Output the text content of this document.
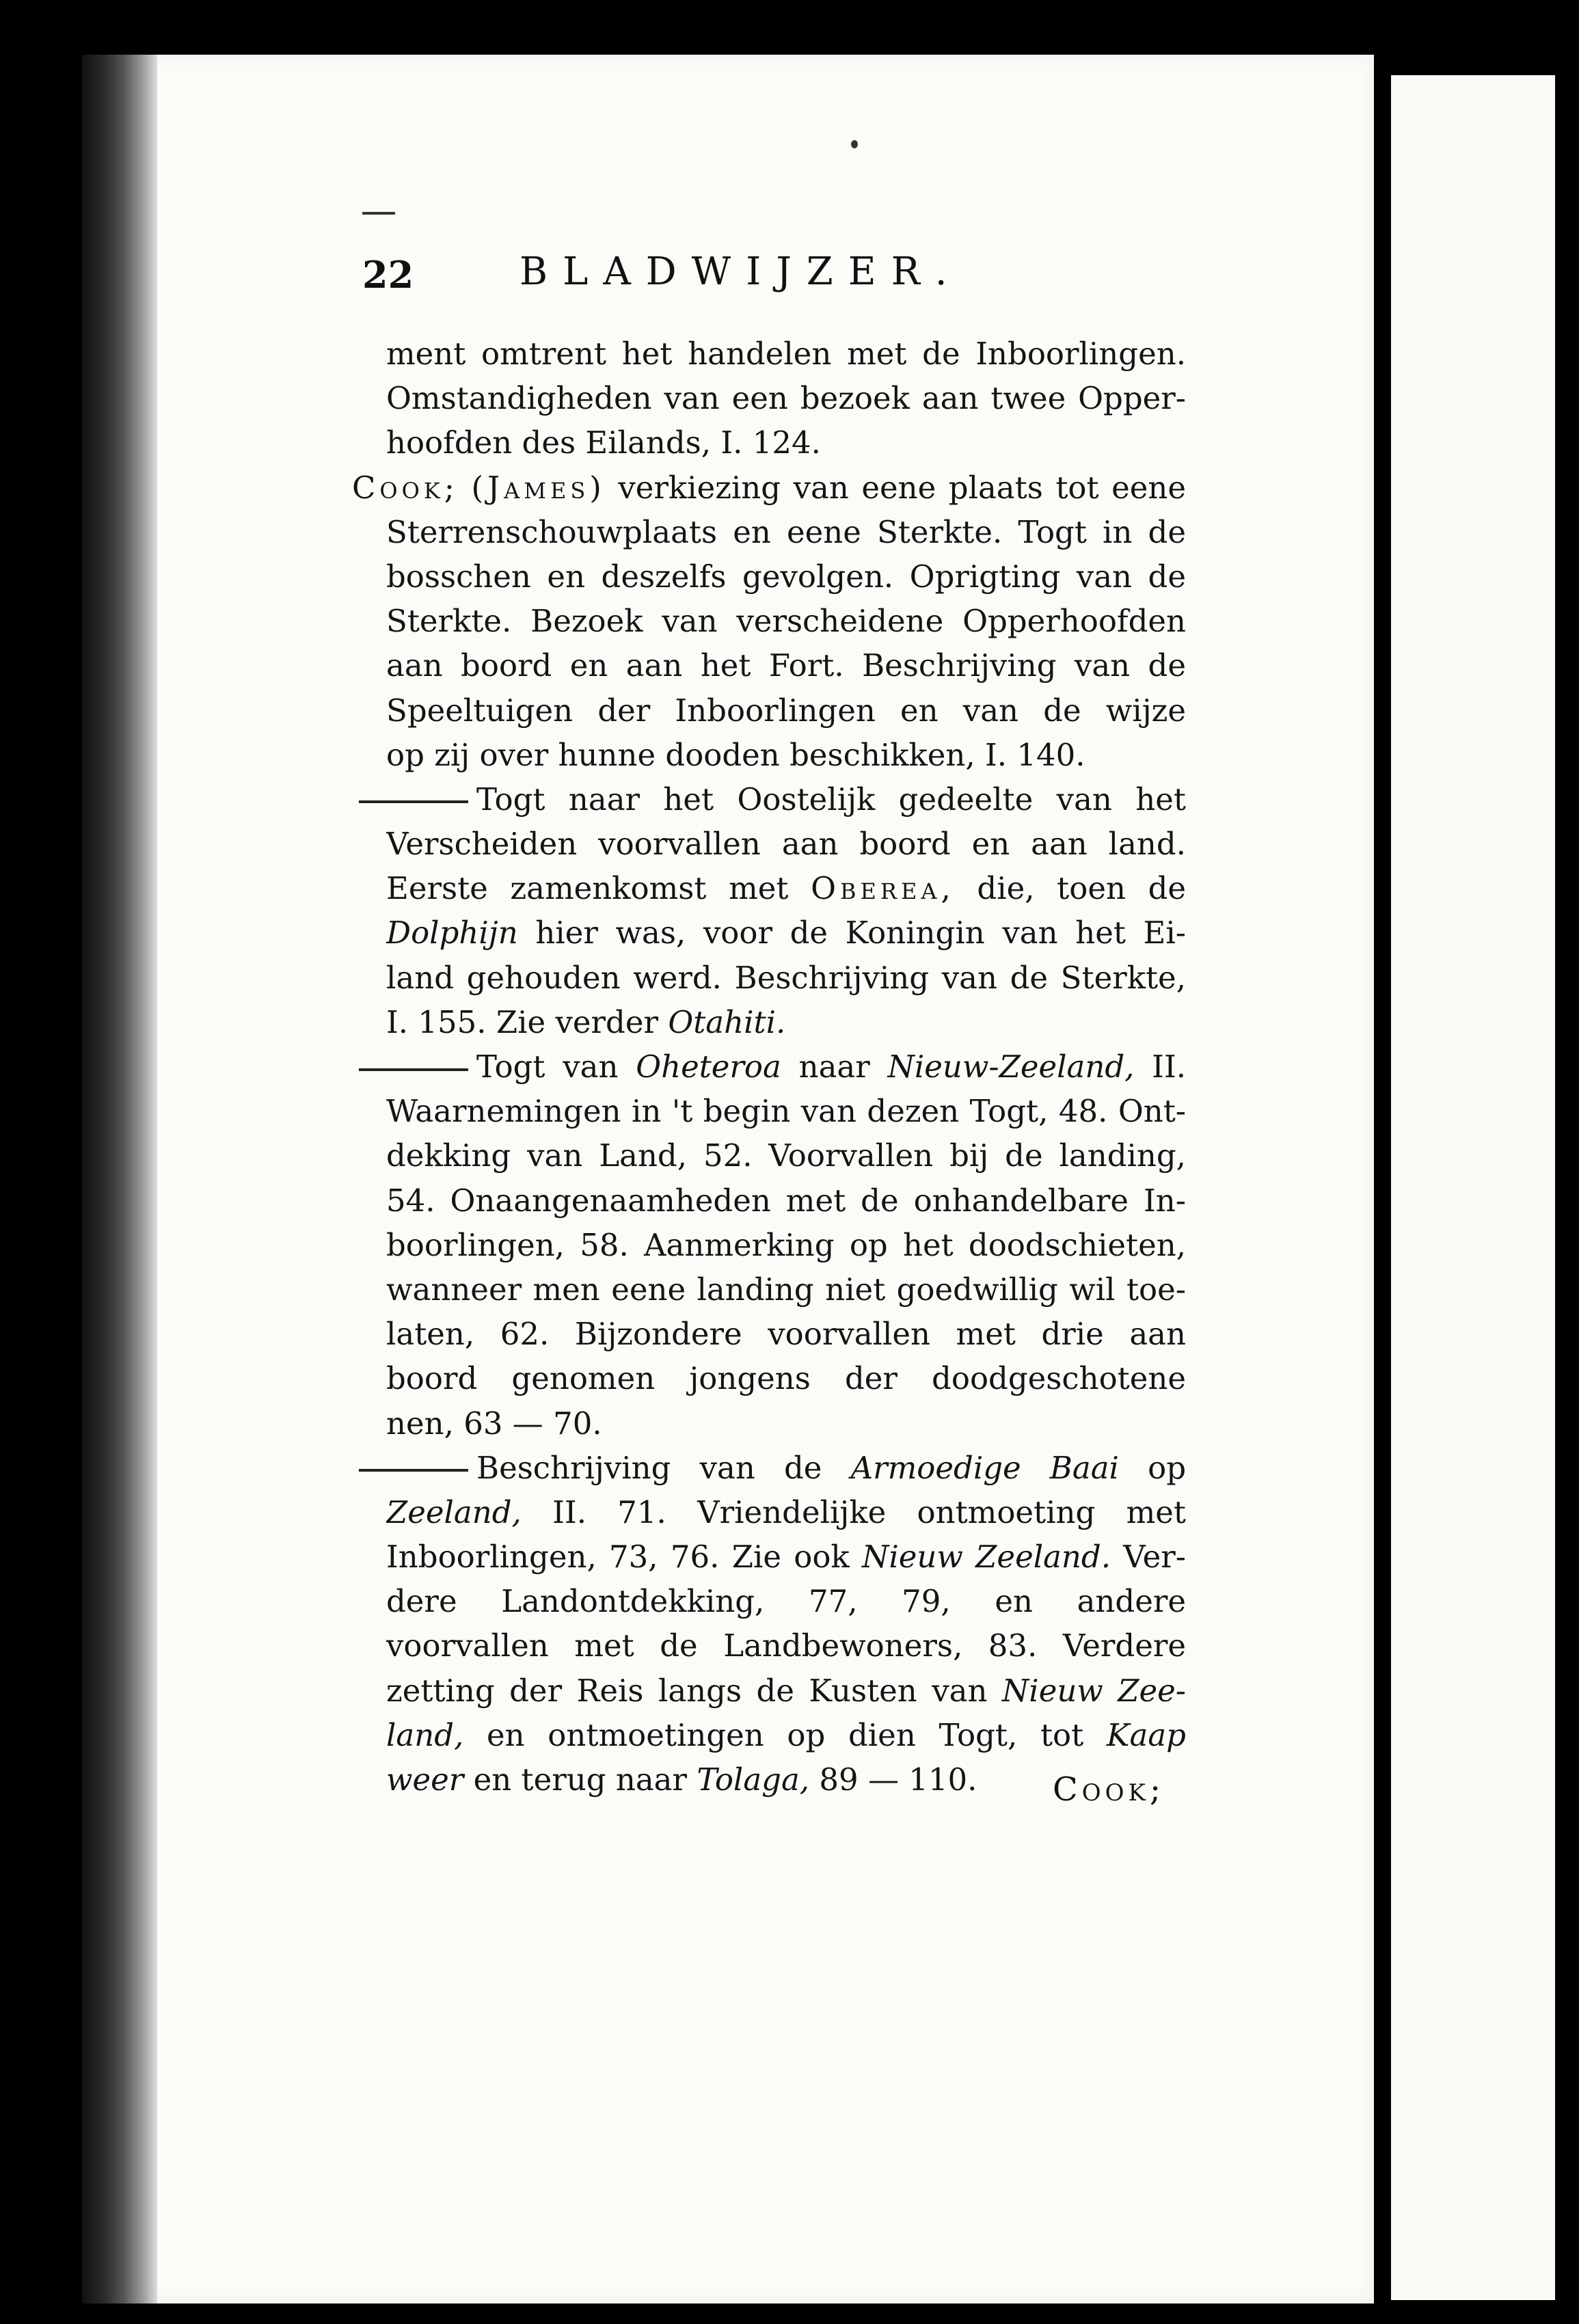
22	BLADWIJZER.
ment omtrent het handelen met de Inboorlingen.
Omstandigheden van een bezoek aan twee Opper-
hoofden des Eilands, I. 124.
Cook; (James) verkiezing van eene plaats tot eene
Sterrenschouwplaats en eene Sterkte. Togt in de
bosschen en deszelfs gevolgen. Oprigting van de
Sterkte. Bezoek van verscheidene Opperhoofden
aan boord en aan het Fort. Beschrijving van de
Speeltuigen der Inboorlingen en van de wijze
op zij over hunne dooden beschikken, I. 140.
Togt naar het Oostelijk gedeelte van het
Verscheiden voorvallen aan boord en aan land.
Eerste zamenkomst met Oberea, die, toen de
Dolphijn hier was, voor de Koningin van het Ei-
land gehouden werd. Beschrijving van de Sterkte,
I. 155. Zie verder Otahiti.
Togt van Oheteroa naar Nieuw-Zeeland, II.
Waarnemingen in 't begin van dezen Togt, 48. Ont-
dekking van Land, 52. Voorvallen bij de landing,
54. Onaangenaamheden met de onhandelbare In-
boorlingen, 58. Aanmerking op het doodschieten,
wanneer men eene landing niet goedwillig wil toe-
laten, 62. Bijzondere voorvallen met drie aan
boord genomen jongens der doodgeschotene
nen, 63 — 70.
Beschrijving van de Armoedige Baai op
Zeeland, II. 71. Vriendelijke ontmoeting met
Inboorlingen, 73, 76. Zie ook Nieuw Zeeland. Ver-
dere Landontdekking, 77, 79, en andere
voorvallen met de Landbewoners, 83. Verdere
zetting der Reis langs de Kusten van Nieuw Zee-
land, en ontmoetingen op dien Togt, tot Kaap
weer en terug naar Tolaga, 89 — 110.	Cook;
